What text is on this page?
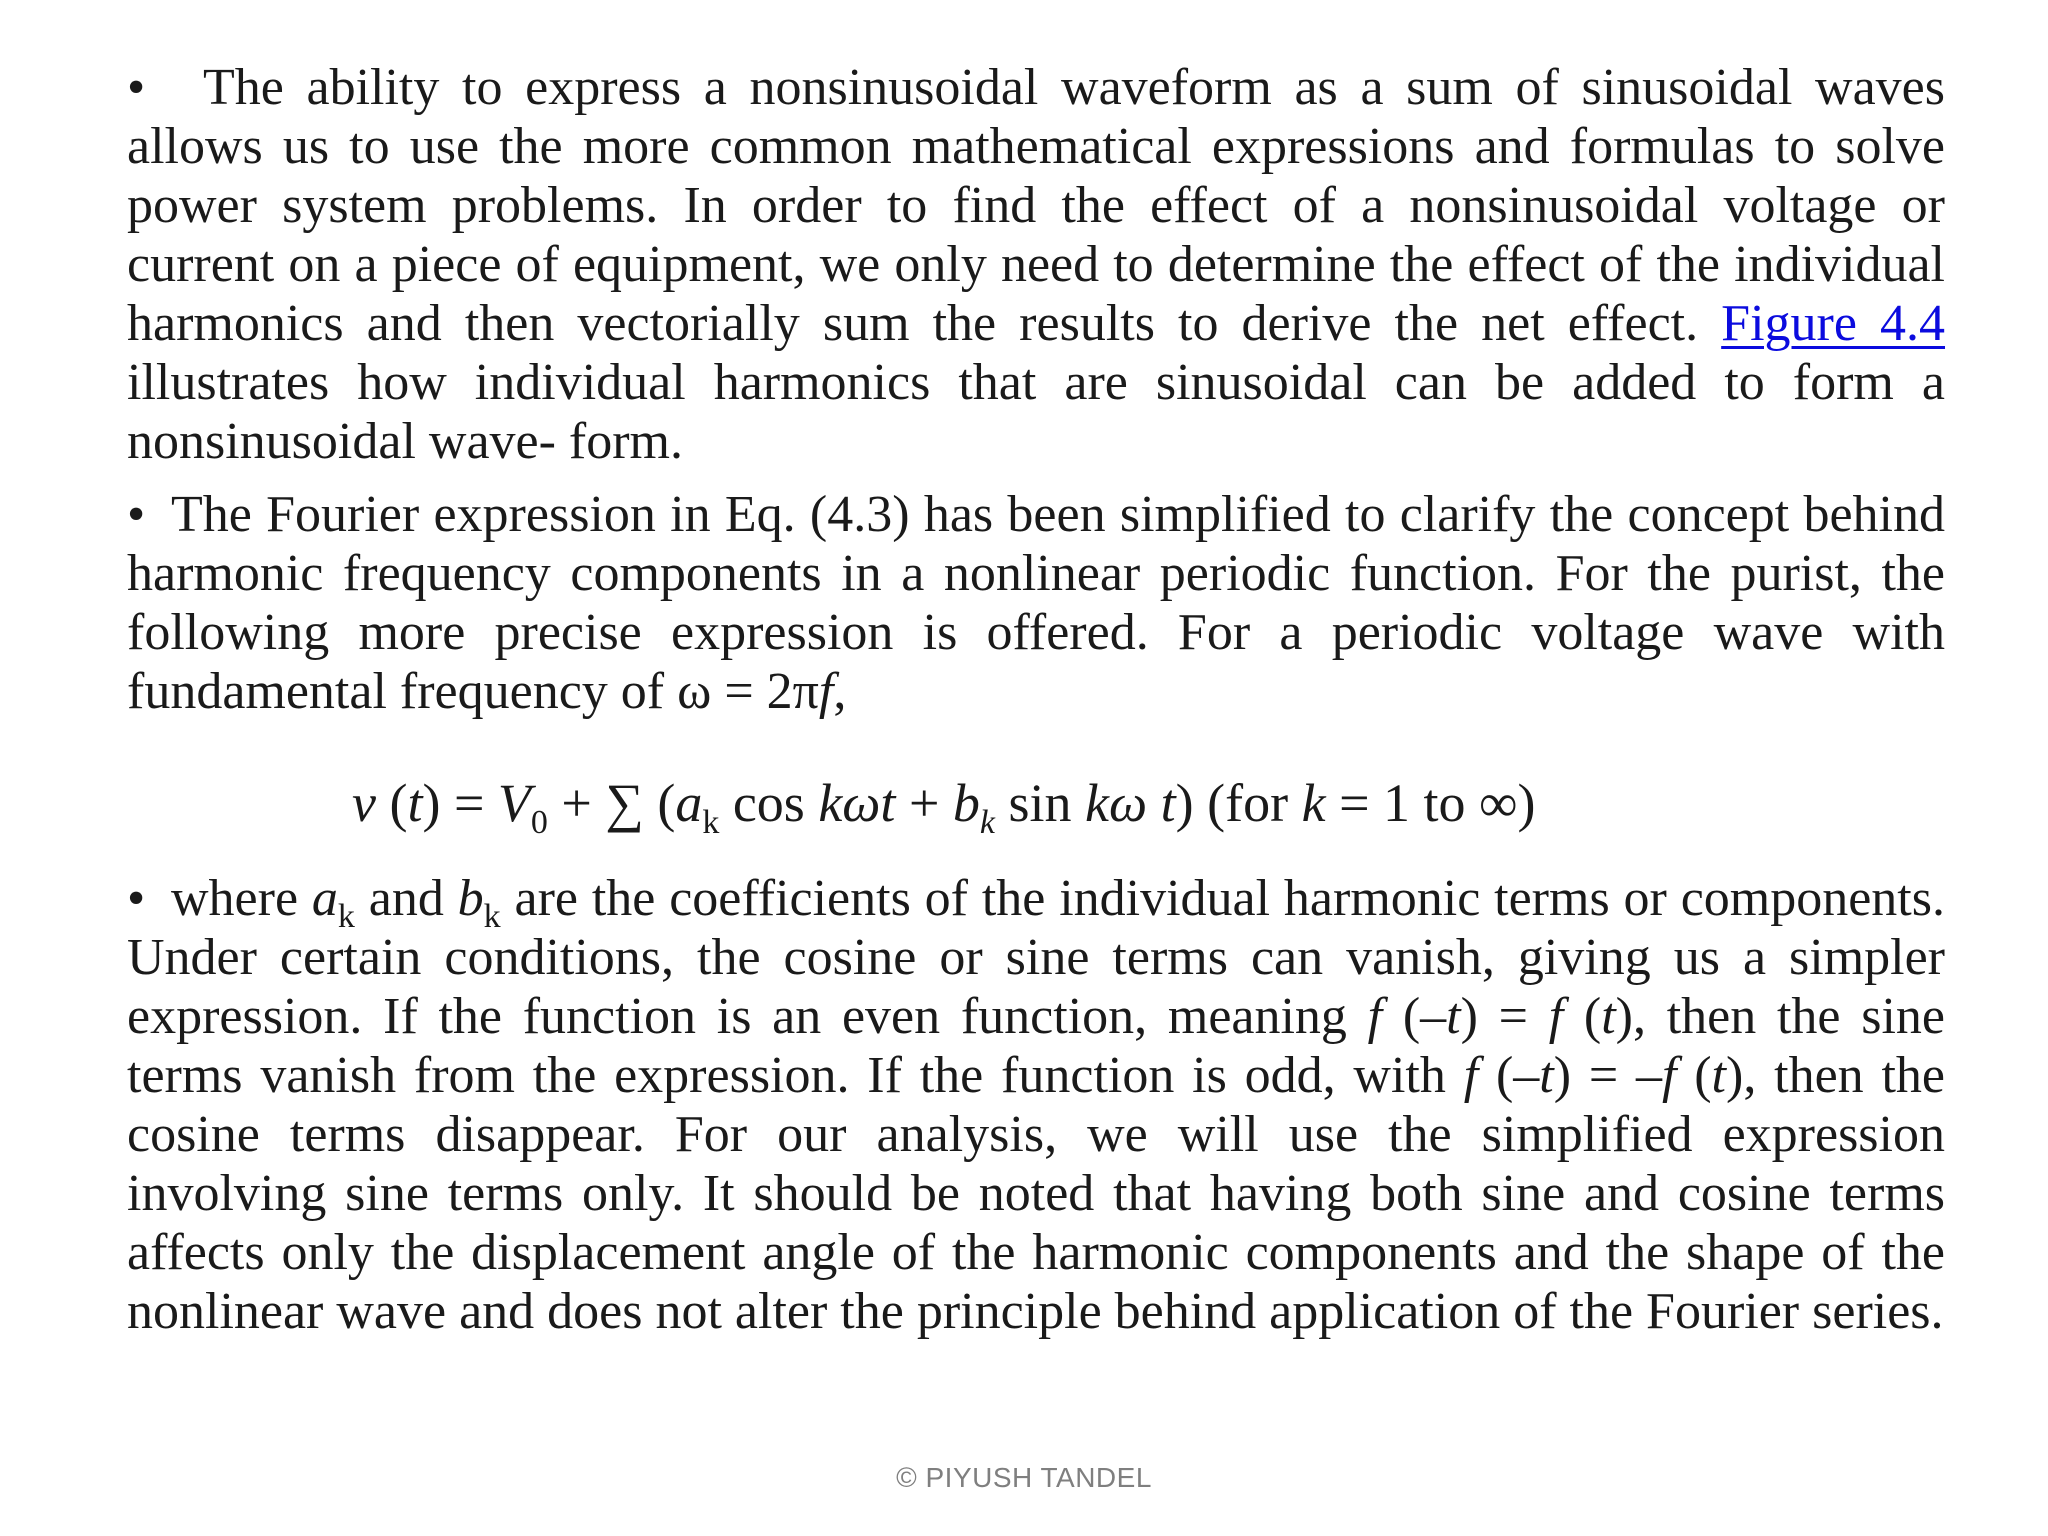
• The ability to express a nonsinusoidal waveform as a sum of sinusoidal waves allows us to use the more common mathematical expressions and formulas to solve power system problems. In order to find the effect of a nonsinusoidal voltage or current on a piece of equipment, we only need to determine the effect of the individual harmonics and then vectorially sum the results to derive the net effect. Figure 4.4 illustrates how individual harmonics that are sinusoidal can be added to form a nonsinusoidal wave- form.

• The Fourier expression in Eq. (4.3) has been simplified to clarify the concept behind harmonic frequency components in a nonlinear periodic function. For the purist, the following more precise expression is offered. For a periodic voltage wave with fundamental frequency of ω = 2πf,

v $(t) = V_0$ + ∑ ($a_k$ $\cos k\omega t + b_k$ sin kω t) (for k = 1 to ∞)

• where $a_k$ and $b_k$ are the coefficients of the individual harmonic terms or components. Under certain conditions, the cosine or sine terms can vanish, giving us a simpler expression. If the function is an even function, meaning f (–t) = f (t), then the sine terms vanish from the expression. If the function is odd, with f (–t) = –f (t), then the cosine terms disappear. For our analysis, we will use the simplified expression involving sine terms only. It should be noted that having both sine and cosine terms affects only the displacement angle of the harmonic components and the shape of the nonlinear wave and does not alter the principle behind application of the Fourier series.

© PIYUSH TANDEL
